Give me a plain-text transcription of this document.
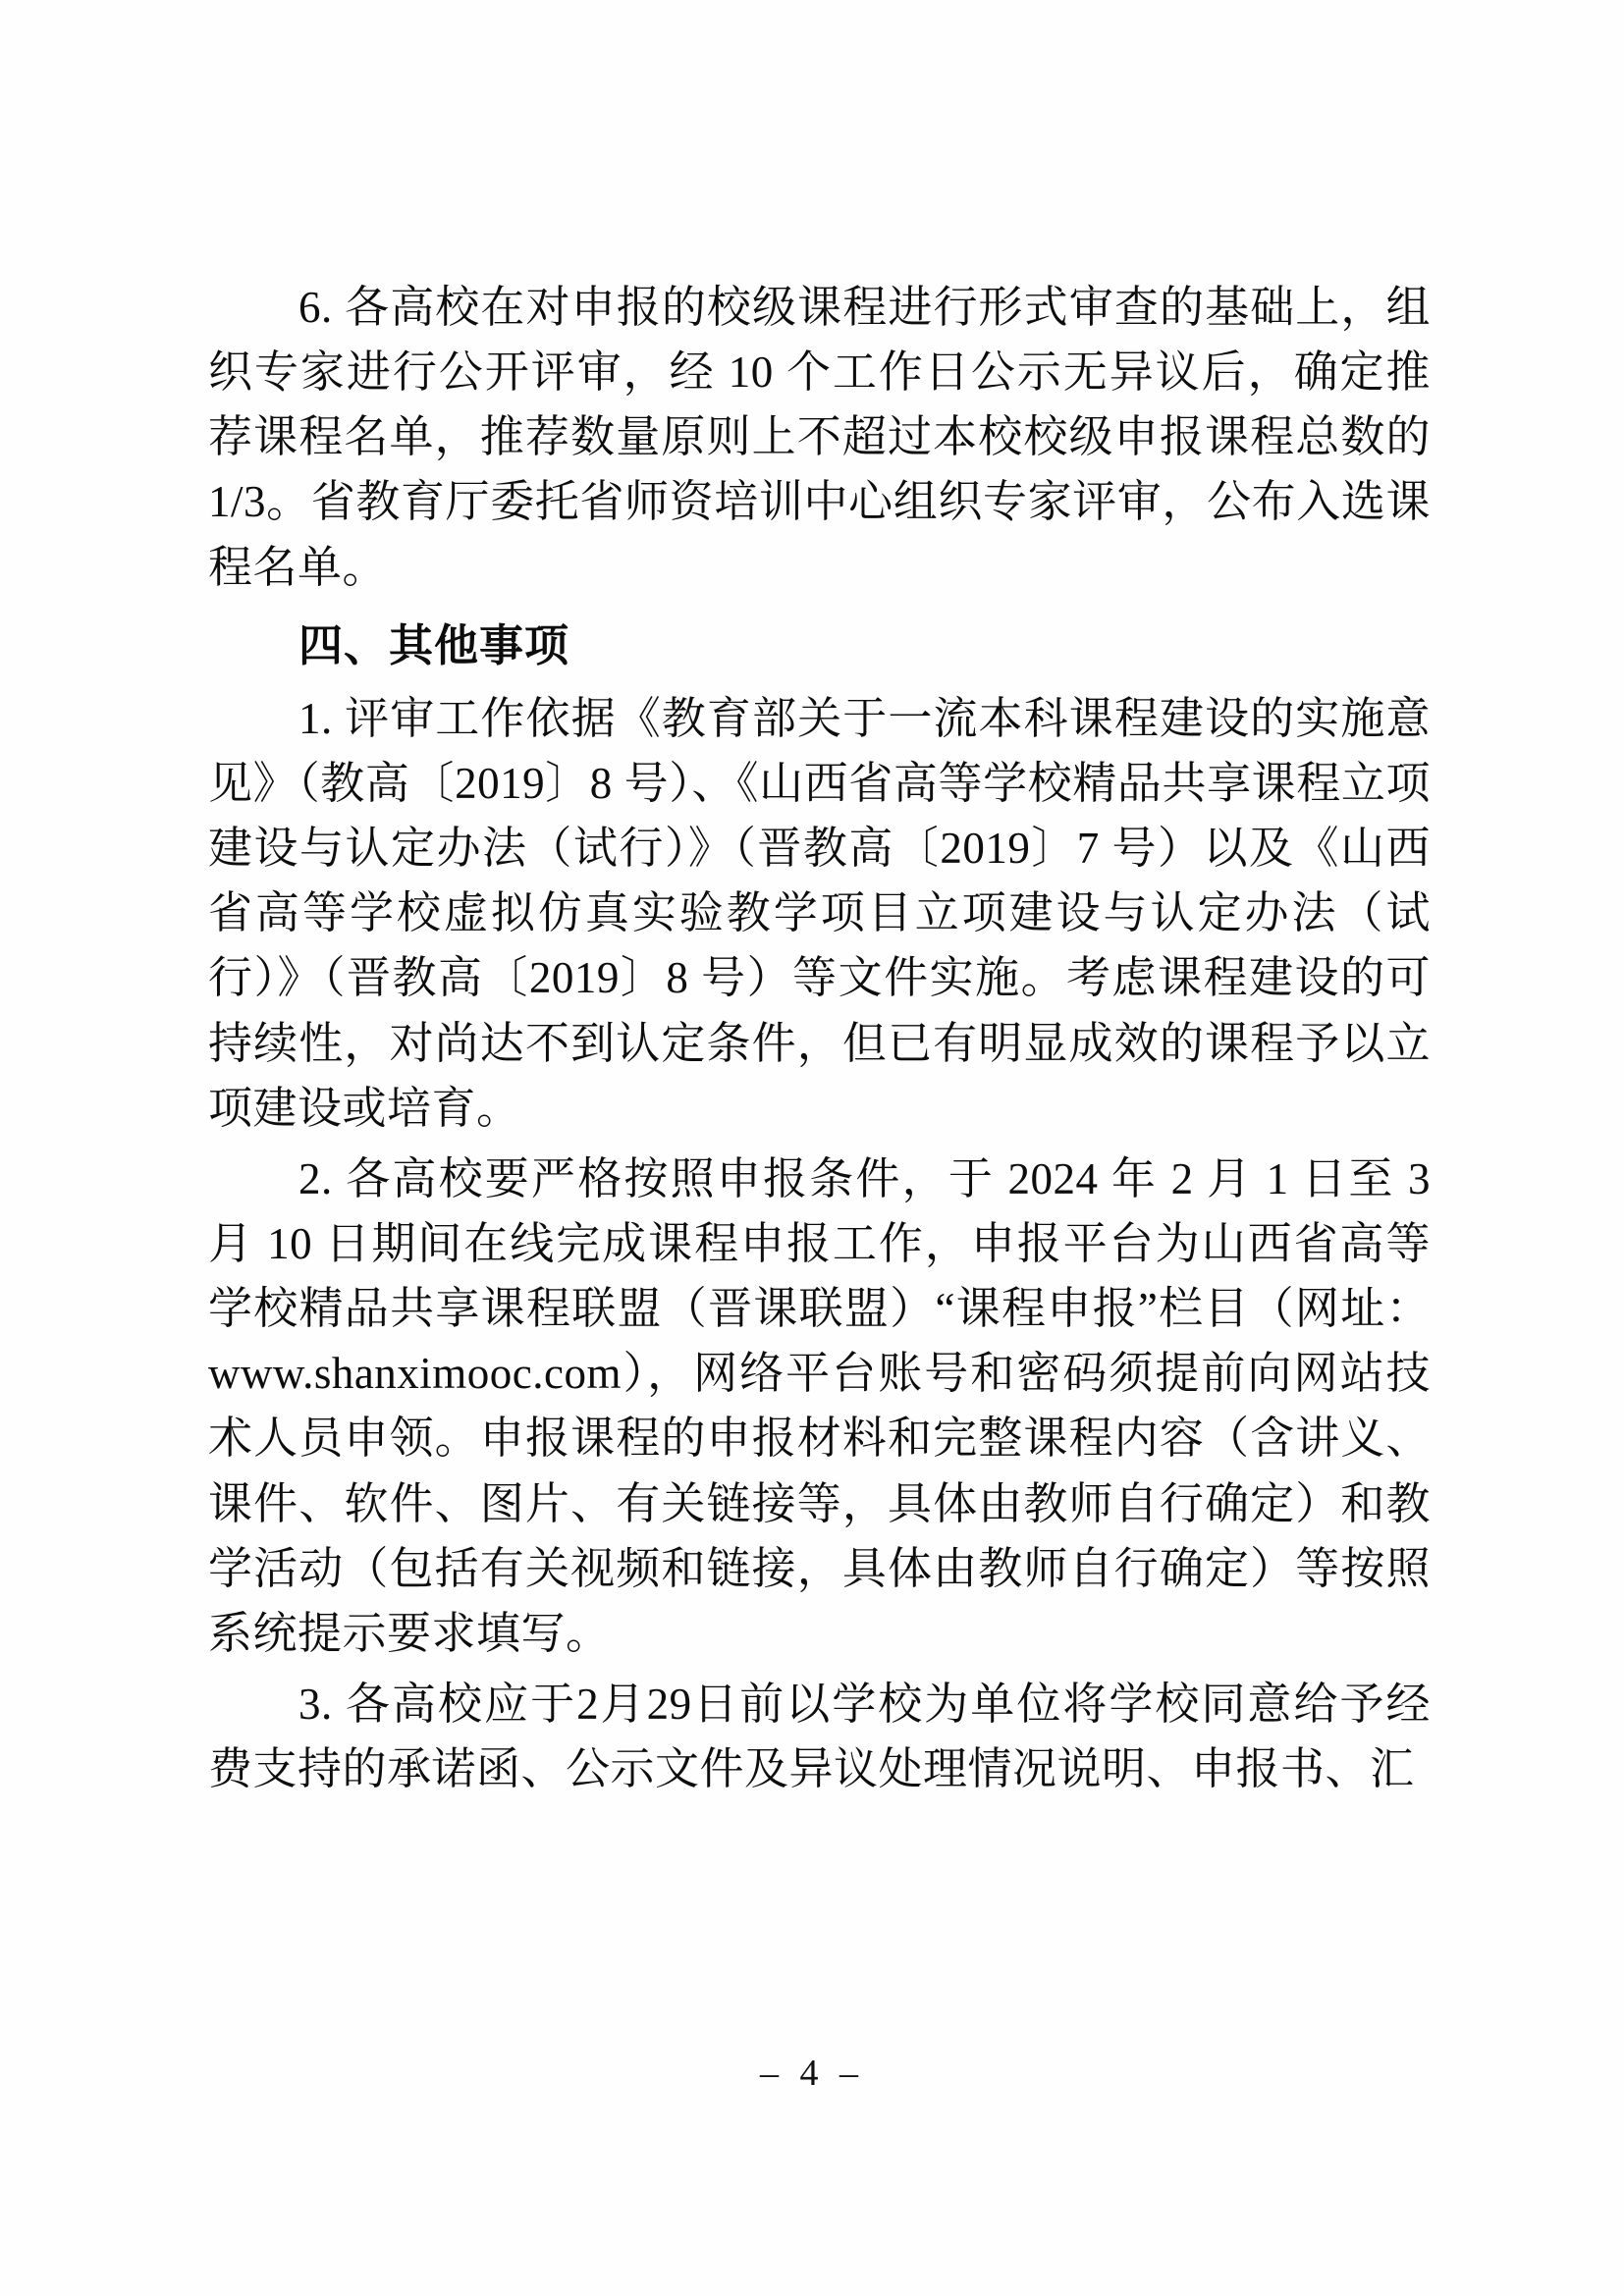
6. 各高校在对申报的校级课程进行形式审查的基础上，组织专家进行公开评审，经 10 个工作日公示无异议后，确定推荐课程名单，推荐数量原则上不超过本校校级申报课程总数的 1/3。省教育厅委托省师资培训中心组织专家评审，公布入选课程名单。

四、其他事项

1. 评审工作依据《教育部关于一流本科课程建设的实施意见》（教高〔2019〕8 号）、《山西省高等学校精品共享课程立项建设与认定办法（试行）》（晋教高〔2019〕7 号）以及《山西省高等学校虚拟仿真实验教学项目立项建设与认定办法（试行）》（晋教高〔2019〕8 号）等文件实施。考虑课程建设的可持续性，对尚达不到认定条件，但已有明显成效的课程予以立项建设或培育。

2. 各高校要严格按照申报条件，于 2024 年 2 月 1 日至 3 月 10 日期间在线完成课程申报工作，申报平台为山西省高等学校精品共享课程联盟（晋课联盟）“课程申报”栏目（网址：www.shanximooc.com），网络平台账号和密码须提前向网站技术人员申领。申报课程的申报材料和完整课程内容（含讲义、课件、软件、图片、有关链接等，具体由教师自行确定）和教学活动（包括有关视频和链接，具体由教师自行确定）等按照系统提示要求填写。

3. 各高校应于2月29日前以学校为单位将学校同意给予经费支持的承诺函、公示文件及异议处理情况说明、申报书、汇

– 4 –
